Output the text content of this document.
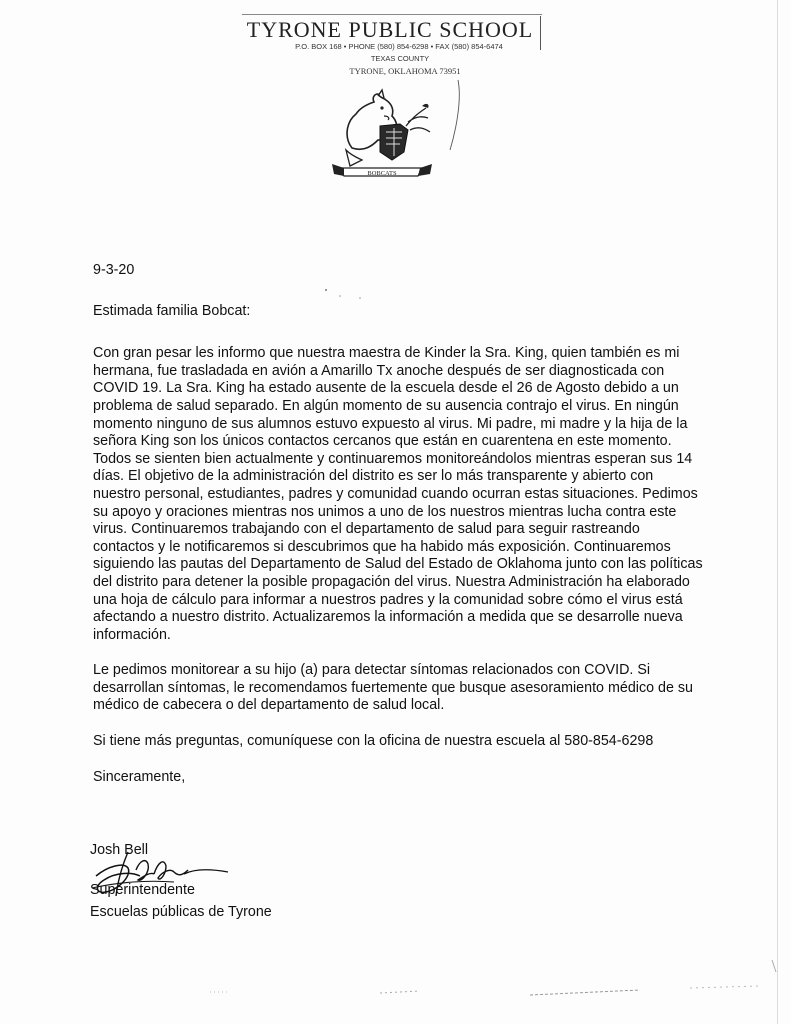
TYRONE PUBLIC SCHOOL
P.O. BOX 168 • PHONE (580) 854-6298 • FAX (580) 854-6474
TEXAS COUNTY
TYRONE, OKLAHOMA 73951
BOBCATS

9-3-20

Estimada familia Bobcat:

Con gran pesar les informo que nuestra maestra de Kinder la Sra. King, quien también es mi hermana, fue trasladada en avión a Amarillo Tx anoche después de ser diagnosticada con COVID 19. La Sra. King ha estado ausente de la escuela desde el 26 de Agosto debido a un problema de salud separado. En algún momento de su ausencia contrajo el virus. En ningún momento ninguno de sus alumnos estuvo expuesto al virus. Mi padre, mi madre y la hija de la señora King son los únicos contactos cercanos que están en cuarentena en este momento. Todos se sienten bien actualmente y continuaremos monitoreándolos mientras esperan sus 14 días. El objetivo de la administración del distrito es ser lo más transparente y abierto con nuestro personal, estudiantes, padres y comunidad cuando ocurran estas situaciones. Pedimos su apoyo y oraciones mientras nos unimos a uno de los nuestros mientras lucha contra este virus. Continuaremos trabajando con el departamento de salud para seguir rastreando contactos y le notificaremos si descubrimos que ha habido más exposición. Continuaremos siguiendo las pautas del Departamento de Salud del Estado de Oklahoma junto con las políticas del distrito para detener la posible propagación del virus. Nuestra Administración ha elaborado una hoja de cálculo para informar a nuestros padres y la comunidad sobre cómo el virus está afectando a nuestro distrito. Actualizaremos la información a medida que se desarrolle nueva información.

Le pedimos monitorear a su hijo (a) para detectar síntomas relacionados con COVID. Si desarrollan síntomas, le recomendamos fuertemente que busque asesoramiento médico de su médico de cabecera o del departamento de salud local.

Si tiene más preguntas, comuníquese con la oficina de nuestra escuela al 580-854-6298

Sinceramente,

Josh Bell
Superintendente
Escuelas públicas de Tyrone
